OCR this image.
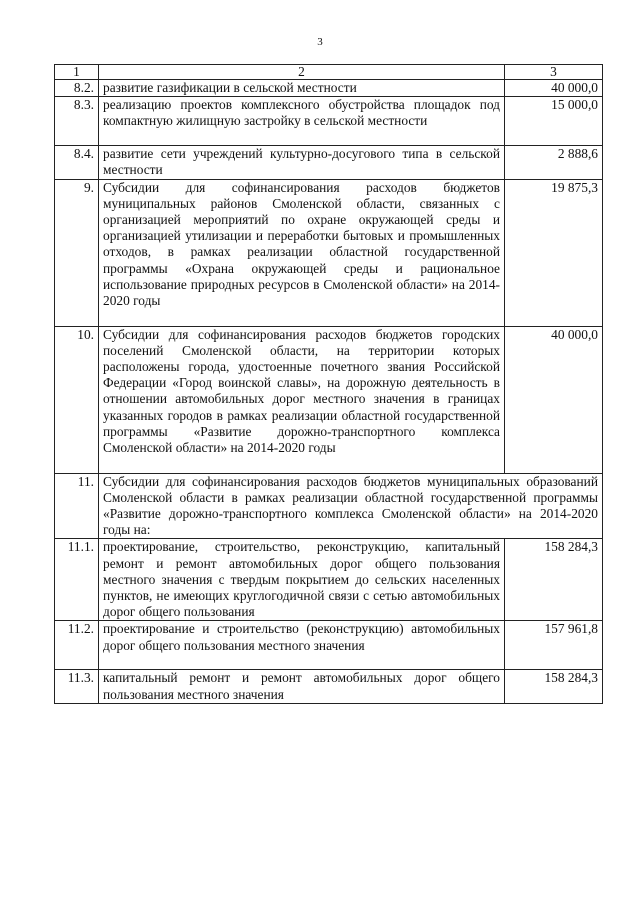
3
1	2	3
8.2.	развитие газификации в сельской местности	40 000,0
8.3.	реализацию проектов комплексного обустройства площадок под компактную жилищную застройку в сельской местности	15 000,0
8.4.	развитие сети учреждений культурно-досугового типа в сельской местности	2 888,6
9.	Субсидии для софинансирования расходов бюджетов муниципальных районов Смоленской области, связанных с организацией мероприятий по охране окружающей среды и организацией утилизации и переработки бытовых и промышленных отходов, в рамках реализации областной государственной программы «Охрана окружающей среды и рациональное использование природных ресурсов в Смоленской области» на 2014-2020 годы	19 875,3
10.	Субсидии для софинансирования расходов бюджетов городских поселений Смоленской области, на территории которых расположены города, удостоенные почетного звания Российской Федерации «Город воинской славы», на дорожную деятельность в отношении автомобильных дорог местного значения в границах указанных городов в рамках реализации областной государственной программы «Развитие дорожно-транспортного комплекса Смоленской области» на 2014-2020 годы	40 000,0
11.	Субсидии для софинансирования расходов бюджетов муниципальных образований Смоленской области в рамках реализации областной государственной программы «Развитие дорожно-транспортного комплекса Смоленской области» на 2014-2020 годы на:	
11.1.	проектирование, строительство, реконструкцию, капитальный ремонт и ремонт автомобильных дорог общего пользования местного значения с твердым покрытием до сельских населенных пунктов, не имеющих круглогодичной связи с сетью автомобильных дорог общего пользования	158 284,3
11.2.	проектирование и строительство (реконструкцию) автомобильных дорог общего пользования местного значения	157 961,8
11.3.	капитальный ремонт и ремонт автомобильных дорог общего пользования местного значения	158 284,3
